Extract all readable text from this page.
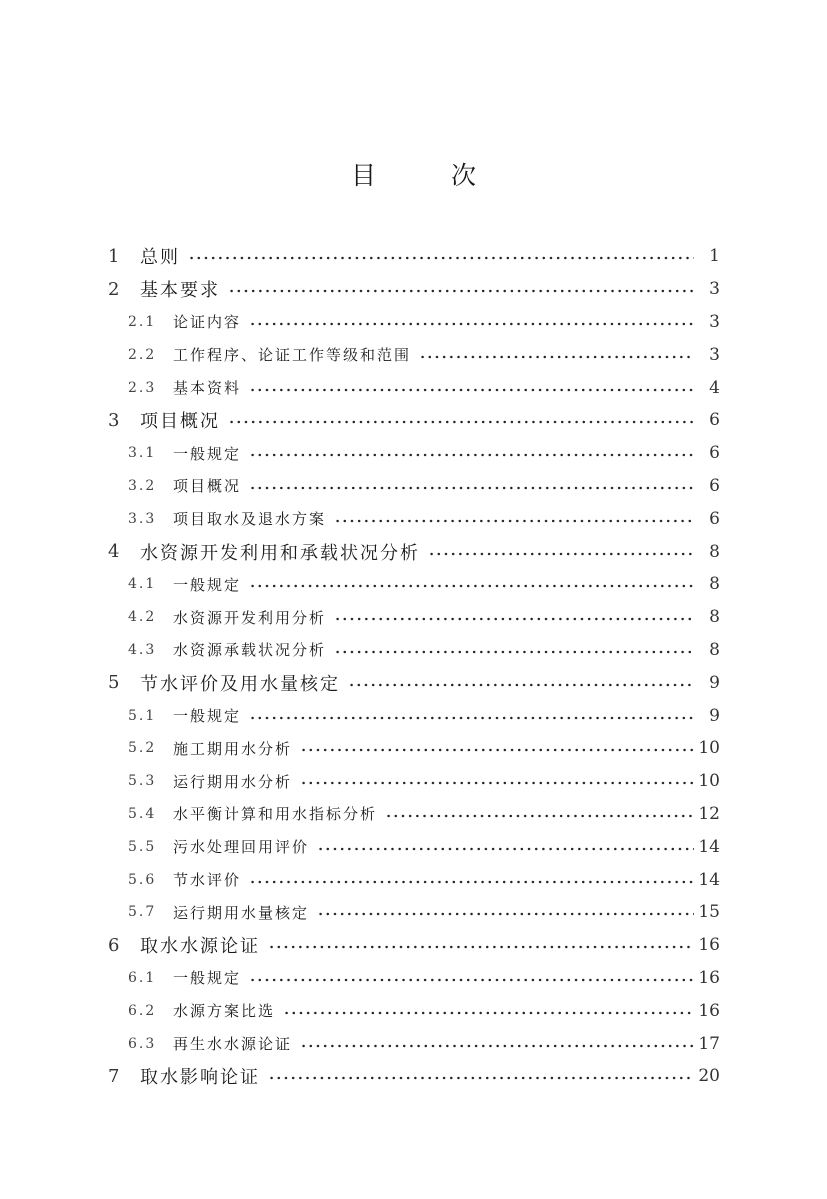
目　　　次
1	总则	1
2	基本要求	3
2.1	论证内容	3
2.2	工作程序、论证工作等级和范围	3
2.3	基本资料	4
3	项目概况	6
3.1	一般规定	6
3.2	项目概况	6
3.3	项目取水及退水方案	6
4	水资源开发利用和承载状况分析	8
4.1	一般规定	8
4.2	水资源开发利用分析	8
4.3	水资源承载状况分析	8
5	节水评价及用水量核定	9
5.1	一般规定	9
5.2	施工期用水分析	10
5.3	运行期用水分析	10
5.4	水平衡计算和用水指标分析	12
5.5	污水处理回用评价	14
5.6	节水评价	14
5.7	运行期用水量核定	15
6	取水水源论证	16
6.1	一般规定	16
6.2	水源方案比选	16
6.3	再生水水源论证	17
7	取水影响论证	20
